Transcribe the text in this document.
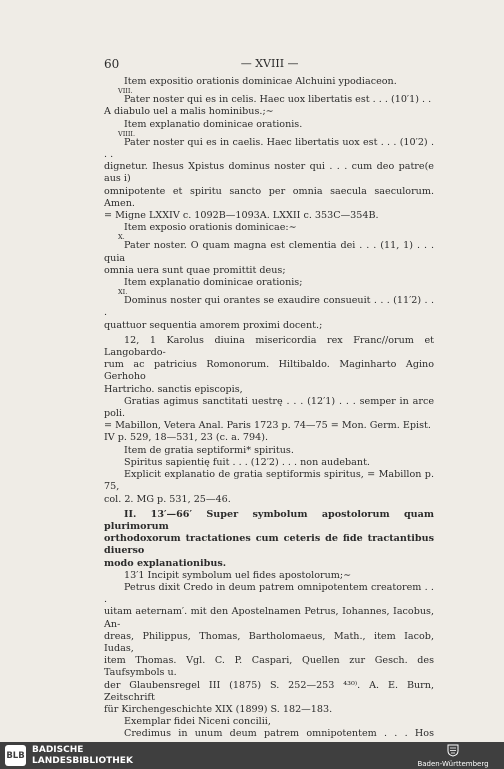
60	— XVIII —

Item expositio orationis dominicae Alchuini ypodiaceon.

VIII.

Pater noster qui es in celis. Haec uox libertatis est . . . (10′1) . .

A diabulo uel a malis hominibus.;∼

Item explanatio dominicae orationis.

VIIII.

Pater noster qui es in caelis. Haec libertatis uox est . . . (10′2) . . .

dignetur. Ihesus Xpistus dominus noster qui . . . cum deo patre(e aus i)

omnipotente et spiritu sancto per omnia saecula saeculorum. Amen.

= Migne LXXIV c. 1092B—1093A. LXXII c. 353C—354B.

Item exposio orationis dominicae:∼

X.

Pater noster. O quam magna est clementia dei . . . (11, 1) . . . quia

omnia uera sunt quae promittit deus;

Item explanatio dominicae orationis;

XI.

Dominus noster qui orantes se exaudire consueuit . . . (11′2) . . .

quattuor sequentia amorem proximi docent.;

12, 1 Karolus diuina misericordia rex Franc//orum et Langobardo-

rum ac patricius Romonorum. Hiltibaldo. Maginharto Agino Gerhoho

Hartricho. sanctis episcopis,

Gratias agimus sanctitati uestrę . . . (12′1) . . . semper in arce poli.

= Mabillon, Vetera Anal. Paris 1723 p. 74—75 = Mon. Germ. Epist.

IV p. 529, 18—531, 23 (c. a. 794).

Item de gratia septiformi* spiritus.

Spiritus sapientię fuit . . . (12′2) . . . non audebant.

Explicit explanatio de gratia septiformis spiritus, = Mabillon p. 75,

col. 2. MG p. 531, 25—46.

II. 13′—66′ Super symbolum apostolorum quam plurimorum

orthodoxorum tractationes cum ceteris de fide tractantibus diuerso

modo explanationibus.

13′1 Incipit symbolum uel fides apostolorum;∼

Petrus dixit Credo in deum patrem omnipotentem creatorem . . .

uitam aeternam′. mit den Apostelnamen Petrus, Iohannes, Iacobus, An-

dreas, Philippus, Thomas, Bartholomaeus, Math., item Iacob, Iudas,

item Thomas. Vgl. C. P. Caspari, Quellen zur Gesch. des Taufsymbols u.

der Glaubensregel III (1875) S. 252—253 ⁴³⁰⁾. A. E. Burn, Zeitschrift

für Kirchengeschichte XIX (1899) S. 182—183.

Exemplar fidei Niceni concilii,

Credimus in unum deum patrem omnipotentem . . . Hos

BLB
BADISCHE
LANDESBIBLIOTHEK	Baden-Württemberg
